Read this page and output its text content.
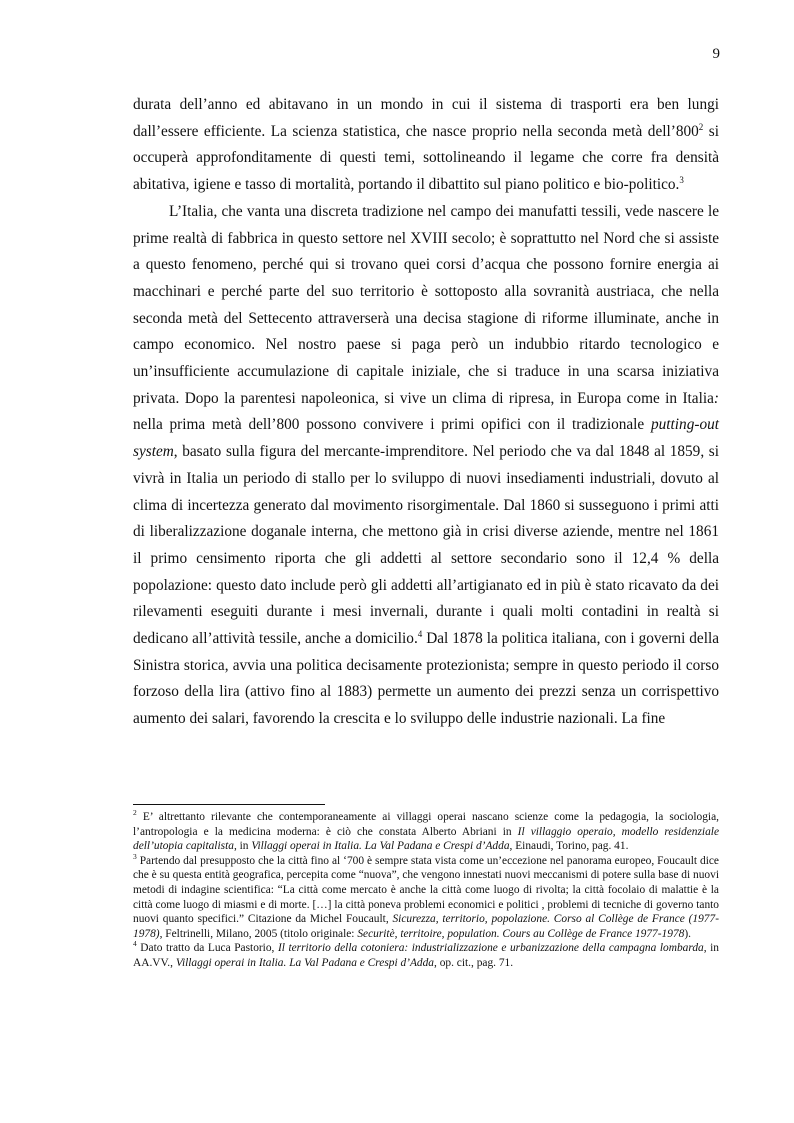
9

durata dell’anno ed abitavano in un mondo in cui il sistema di trasporti era ben lungi dall’essere efficiente. La scienza statistica, che nasce proprio nella seconda metà $dell’800^2$ si occuperà approfonditamente di questi temi, sottolineando il legame che corre fra densità abitativa, igiene e tasso di mortalità, portando il dibattito sul piano politico e bio-politico.$^3$

L’Italia, che vanta una discreta tradizione nel campo dei manufatti tessili, vede nascere le prime realtà di fabbrica in questo settore nel XVIII secolo; è soprattutto nel Nord che si assiste a questo fenomeno, perché qui si trovano quei corsi d’acqua che possono fornire energia ai macchinari e perché parte del suo territorio è sottoposto alla sovranità austriaca, che nella seconda metà del Settecento attraverserà una decisa stagione di riforme illuminate, anche in campo economico. Nel nostro paese si paga però un indubbio ritardo tecnologico e un’insufficiente accumulazione di capitale iniziale, che si traduce in una scarsa iniziativa privata. Dopo la parentesi napoleonica, si vive un clima di ripresa, in Europa come in Italia: nella prima metà dell’800 possono convivere i primi opifici con il tradizionale putting-out system, basato sulla figura del mercante-imprenditore. Nel periodo che va dal 1848 al 1859, si vivrà in Italia un periodo di stallo per lo sviluppo di nuovi insediamenti industriali, dovuto al clima di incertezza generato dal movimento risorgimentale. Dal 1860 si susseguono i primi atti di liberalizzazione doganale interna, che mettono già in crisi diverse aziende, mentre nel 1861 il primo censimento riporta che gli addetti al settore secondario sono il 12,4 % della popolazione: questo dato include però gli addetti all’artigianato ed in più è stato ricavato da dei rilevamenti eseguiti durante i mesi invernali, durante i quali molti contadini in realtà si dedicano all’attività tessile, anche a domicilio.$^4$ Dal 1878 la politica italiana, con i governi della Sinistra storica, avvia una politica decisamente protezionista; sempre in questo periodo il corso forzoso della lira (attivo fino al 1883) permette un aumento dei prezzi senza un corrispettivo aumento dei salari, favorendo la crescita e lo sviluppo delle industrie nazionali. La fine

$^2$ E’ altrettanto rilevante che contemporaneamente ai villaggi operai nascano scienze come la pedagogia, la sociologia, l’antropologia e la medicina moderna: è ciò che constata Alberto Abriani in Il villaggio operaio, modello residenziale dell’utopia capitalista, in Villaggi operai in Italia. La Val Padana e Crespi d’Adda, Einaudi, Torino, pag. 41.

$^3$ Partendo dal presupposto che la città fino al ‘700 è sempre stata vista come un’eccezione nel panorama europeo, Foucault dice che è su questa entità geografica, percepita come “nuova”, che vengono innestati nuovi meccanismi di potere sulla base di nuovi metodi di indagine scientifica: “La città come mercato è anche la città come luogo di rivolta; la città focolaio di malattie è la città come luogo di miasmi e di morte. […] la città poneva problemi economici e politici , problemi di tecniche di governo tanto nuovi quanto specifici.” Citazione da Michel Foucault, Sicurezza, territorio, popolazione. Corso al Collège de France (1977-1978), Feltrinelli, Milano, 2005 (titolo originale: Securitè, territoire, population. Cours au Collège de France 1977-1978).

$^4$ Dato tratto da Luca Pastorio, Il territorio della cotoniera: industrializzazione e urbanizzazione della campagna lombarda, in AA.VV., Villaggi operai in Italia. La Val Padana e Crespi d’Adda, op. cit., pag. 71.
